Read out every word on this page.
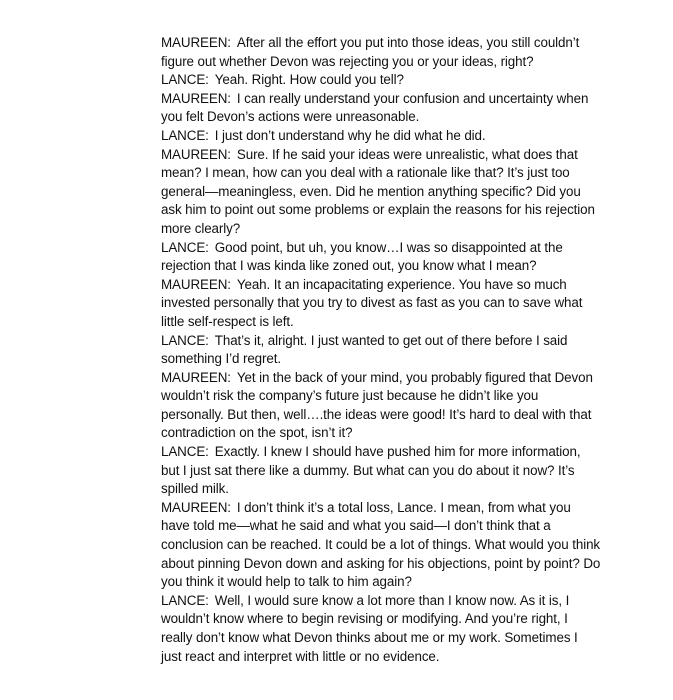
MAUREEN : After all the effort you put into those ideas, you still couldn’t figure out whether Devon was rejecting you or your ideas, right?

LANCE : Yeah. Right. How could you tell?

MAUREEN : I can really understand your confusion and uncertainty when you felt Devon’s actions were unreasonable.

LANCE : I just don’t understand why he did what he did.

MAUREEN : Sure. If he said your ideas were unrealistic, what does that mean? I mean, how can you deal with a rationale like that? It’s just too general—meaningless, even. Did he mention anything specific? Did you ask him to point out some problems or explain the reasons for his rejection more clearly?

LANCE : Good point, but uh, you know…I was so disappointed at the rejection that I was kinda like zoned out, you know what I mean?

MAUREEN : Yeah. It an incapacitating experience. You have so much invested personally that you try to divest as fast as you can to save what little self-respect is left.

LANCE : That’s it, alright. I just wanted to get out of there before I said something I’d regret.

MAUREEN : Yet in the back of your mind, you probably figured that Devon wouldn’t risk the company’s future just because he didn’t like you personally. But then, well….the ideas were good! It’s hard to deal with that contradiction on the spot, isn’t it?

LANCE : Exactly. I knew I should have pushed him for more information, but I just sat there like a dummy. But what can you do about it now? It’s spilled milk.

MAUREEN : I don’t think it’s a total loss, Lance. I mean, from what you have told me—what he said and what you said—I don’t think that a conclusion can be reached. It could be a lot of things. What would you think about pinning Devon down and asking for his objections, point by point? Do you think it would help to talk to him again?

LANCE : Well, I would sure know a lot more than I know now. As it is, I wouldn’t know where to begin revising or modifying. And you’re right, I really don’t know what Devon thinks about me or my work. Sometimes I just react and interpret with little or no evidence.
